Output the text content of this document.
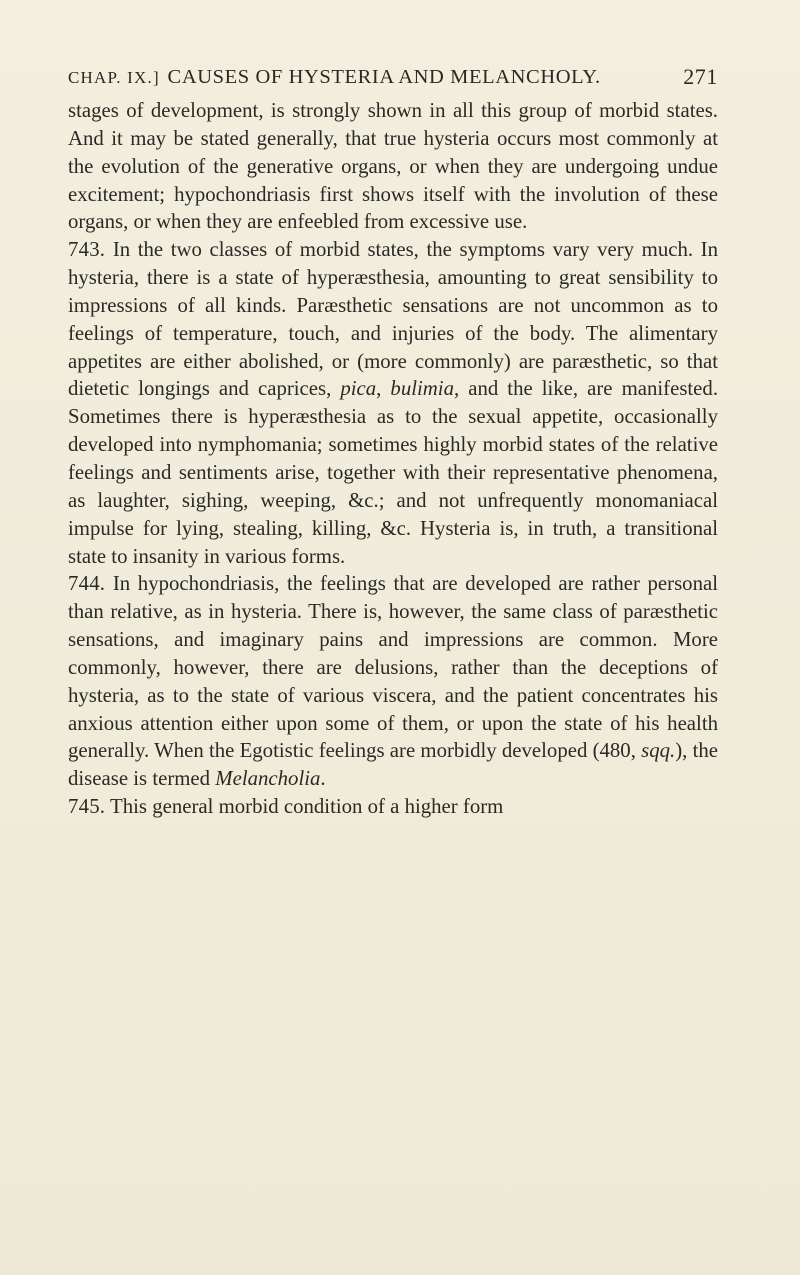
CHAP. IX.] CAUSES OF HYSTERIA AND MELANCHOLY.	271

stages of development, is strongly shown in all this group of morbid states. And it may be stated generally, that true hysteria occurs most commonly at the evolution of the generative organs, or when they are undergoing undue excitement; hypochondriasis first shows itself with the involution of these organs, or when they are enfeebled from excessive use.

743. In the two classes of morbid states, the symptoms vary very much. In hysteria, there is a state of hyperæsthesia, amounting to great sensibility to impressions of all kinds. Paræsthetic sensations are not uncommon as to feelings of temperature, touch, and injuries of the body. The alimentary appetites are either abolished, or (more commonly) are paræsthetic, so that dietetic longings and caprices, pica, bulimia, and the like, are manifested. Sometimes there is hyperæsthesia as to the sexual appetite, occasionally developed into nymphomania; sometimes highly morbid states of the relative feelings and sentiments arise, together with their representative phenomena, as laughter, sighing, weeping, &c.; and not unfrequently monomaniacal impulse for lying, stealing, killing, &c. Hysteria is, in truth, a transitional state to insanity in various forms.

744. In hypochondriasis, the feelings that are developed are rather personal than relative, as in hysteria. There is, however, the same class of paræsthetic sensations, and imaginary pains and impressions are common. More commonly, however, there are delusions, rather than the deceptions of hysteria, as to the state of various viscera, and the patient concentrates his anxious attention either upon some of them, or upon the state of his health generally. When the Egotistic feelings are morbidly developed (480, sqq.), the disease is termed Melancholia.

745. This general morbid condition of a higher form
